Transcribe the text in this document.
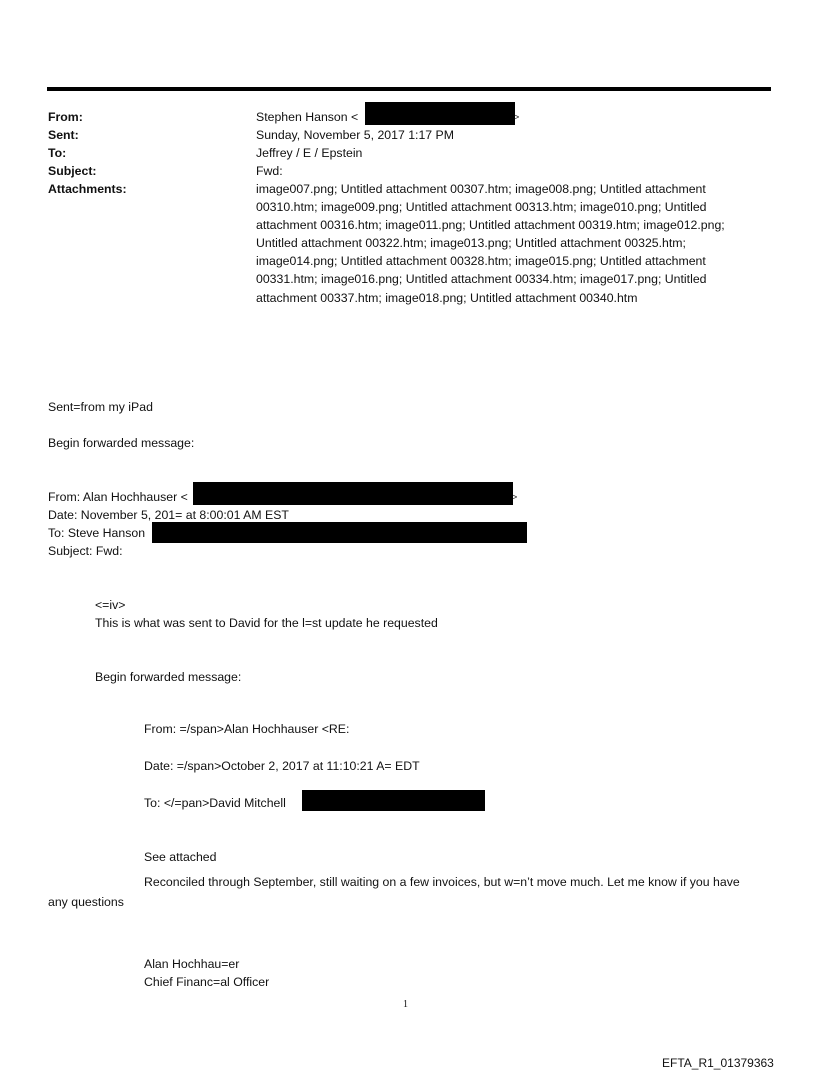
From:	Stephen Hanson <	>
Sent:	Sunday, November 5, 2017 1:17 PM
To:	Jeffrey / E / Epstein
Subject:	Fwd:
Attachments:	image007.png; Untitled attachment 00307.htm; image008.png; Untitled attachment 00310.htm; image009.png; Untitled attachment 00313.htm; image010.png; Untitled attachment 00316.htm; image011.png; Untitled attachment 00319.htm; image012.png; Untitled attachment 00322.htm; image013.png; Untitled attachment 00325.htm; image014.png; Untitled attachment 00328.htm; image015.png; Untitled attachment 00331.htm; image016.png; Untitled attachment 00334.htm; image017.png; Untitled attachment 00337.htm; image018.png; Untitled attachment 00340.htm
Sent=from my iPad
Begin forwarded message:
From: Alan Hochhauser <	>
Date: November 5, 201= at 8:00:01 AM EST
To: Steve Hanson
Subject: Fwd:
<=iv>
This is what was sent to David for the l=st update he requested
Begin forwarded message:
From: =/span>Alan Hochhauser <RE:
Date: =/span>October 2, 2017 at 11:10:21 A= EDT
To: </=pan>David Mitchell
See attached
Reconciled through September, still waiting on a few invoices, but w=n’t move much. Let me know if you have any questions
Alan Hochhau=er
Chief Financ=al Officer
1
EFTA_R1_01379363
